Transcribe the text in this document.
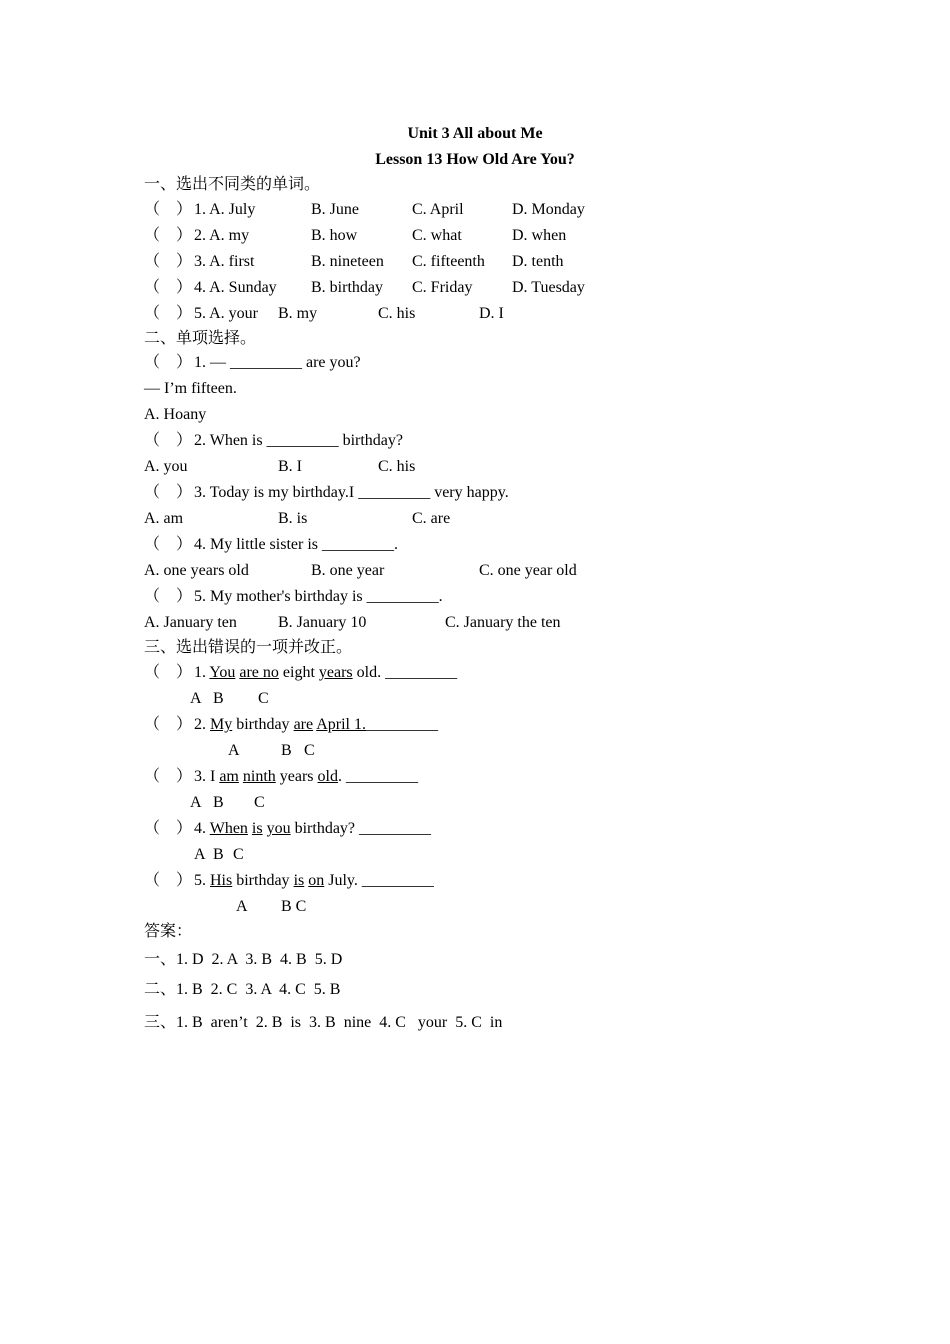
Unit 3 All about Me
Lesson 13 How Old Are You?
一、选出不同类的单词。
（　） 1. A. July	B. June	C. April	D. Monday
（　） 2. A. my	B. how	C. what	D. when
（　） 3. A. first	B. nineteen C. fifteenth D. tenth
（　） 4. A. Sunday B. birthday C. Friday D. Tuesday
（　） 5. A. your B. my	C. his	D. I
二、单项选择。
（　） 1. — _________ are you?
— I’m fifteen.
A. Hoany
（　） 2. When is _________ birthday?
A. you	B. I	C. his
（　） 3. Today is my birthday.I _________ very happy.
A. am	B. is	C. are
（　） 4. My little sister is _________.
A. one years old	B. one year	C. one year old
（　） 5. My mother's birthday is _________.
A. January ten	B. January 10	C. January the ten
三、选出错误的一项并改正。
（　） 1. You are no eight years old. _________
A B C
（　） 2. My birthday are April 1._________
A	B C
（　） 3. I am ninth years old. _________
A B C
（　） 4. When is you birthday? _________
A B C
（　） 5. His birthday is on July. _________
A B C
答案：
一、1. D  2. A  3. B  4. B  5. D
二、1. B  2. C  3. A  4. C  5. B
三、1. B  aren’t  2. B  is  3. B  nine  4. C   your  5. C  in
